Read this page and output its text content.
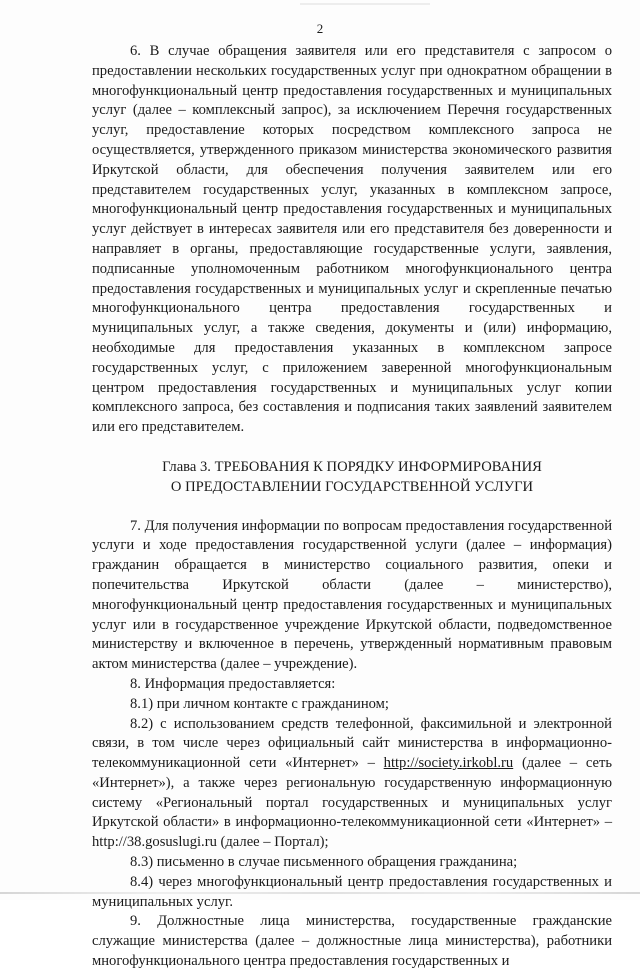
2

6. В случае обращения заявителя или его представителя с запросом о предоставлении нескольких государственных услуг при однократном обращении в многофункциональный центр предоставления государственных и муниципальных услуг (далее – комплексный запрос), за исключением Перечня государственных услуг, предоставление которых посредством комплексного запроса не осуществляется, утвержденного приказом министерства экономического развития Иркутской области, для обеспечения получения заявителем или его представителем государственных услуг, указанных в комплексном запросе, многофункциональный центр предоставления государственных и муниципальных услуг действует в интересах заявителя или его представителя без доверенности и направляет в органы, предоставляющие государственные услуги, заявления, подписанные уполномоченным работником многофункционального центра предоставления государственных и муниципальных услуг и скрепленные печатью многофункционального центра предоставления государственных и муниципальных услуг, а также сведения, документы и (или) информацию, необходимые для предоставления указанных в комплексном запросе государственных услуг, с приложением заверенной многофункциональным центром предоставления государственных и муниципальных услуг копии комплексного запроса, без составления и подписания таких заявлений заявителем или его представителем.

Глава 3. ТРЕБОВАНИЯ К ПОРЯДКУ ИНФОРМИРОВАНИЯ
О ПРЕДОСТАВЛЕНИИ ГОСУДАРСТВЕННОЙ УСЛУГИ

7. Для получения информации по вопросам предоставления государственной услуги и ходе предоставления государственной услуги (далее – информация) гражданин обращается в министерство социального развития, опеки и попечительства Иркутской области (далее – министерство), многофункциональный центр предоставления государственных и муниципальных услуг или в государственное учреждение Иркутской области, подведомственное министерству и включенное в перечень, утвержденный нормативным правовым актом министерства (далее – учреждение).

8. Информация предоставляется:

8.1) при личном контакте с гражданином;

8.2) с использованием средств телефонной, факсимильной и электронной связи, в том числе через официальный сайт министерства в информационно-телекоммуникационной сети «Интернет» – http://society.irkobl.ru (далее – сеть «Интернет»), а также через региональную государственную информационную систему «Региональный портал государственных и муниципальных услуг Иркутской области» в информационно-телекоммуникационной сети «Интернет» – http://38.gosuslugi.ru (далее – Портал);

8.3) письменно в случае письменного обращения гражданина;

8.4) через многофункциональный центр предоставления государственных и муниципальных услуг.

9. Должностные лица министерства, государственные гражданские служащие министерства (далее – должностные лица министерства), работники многофункционального центра предоставления государственных и
